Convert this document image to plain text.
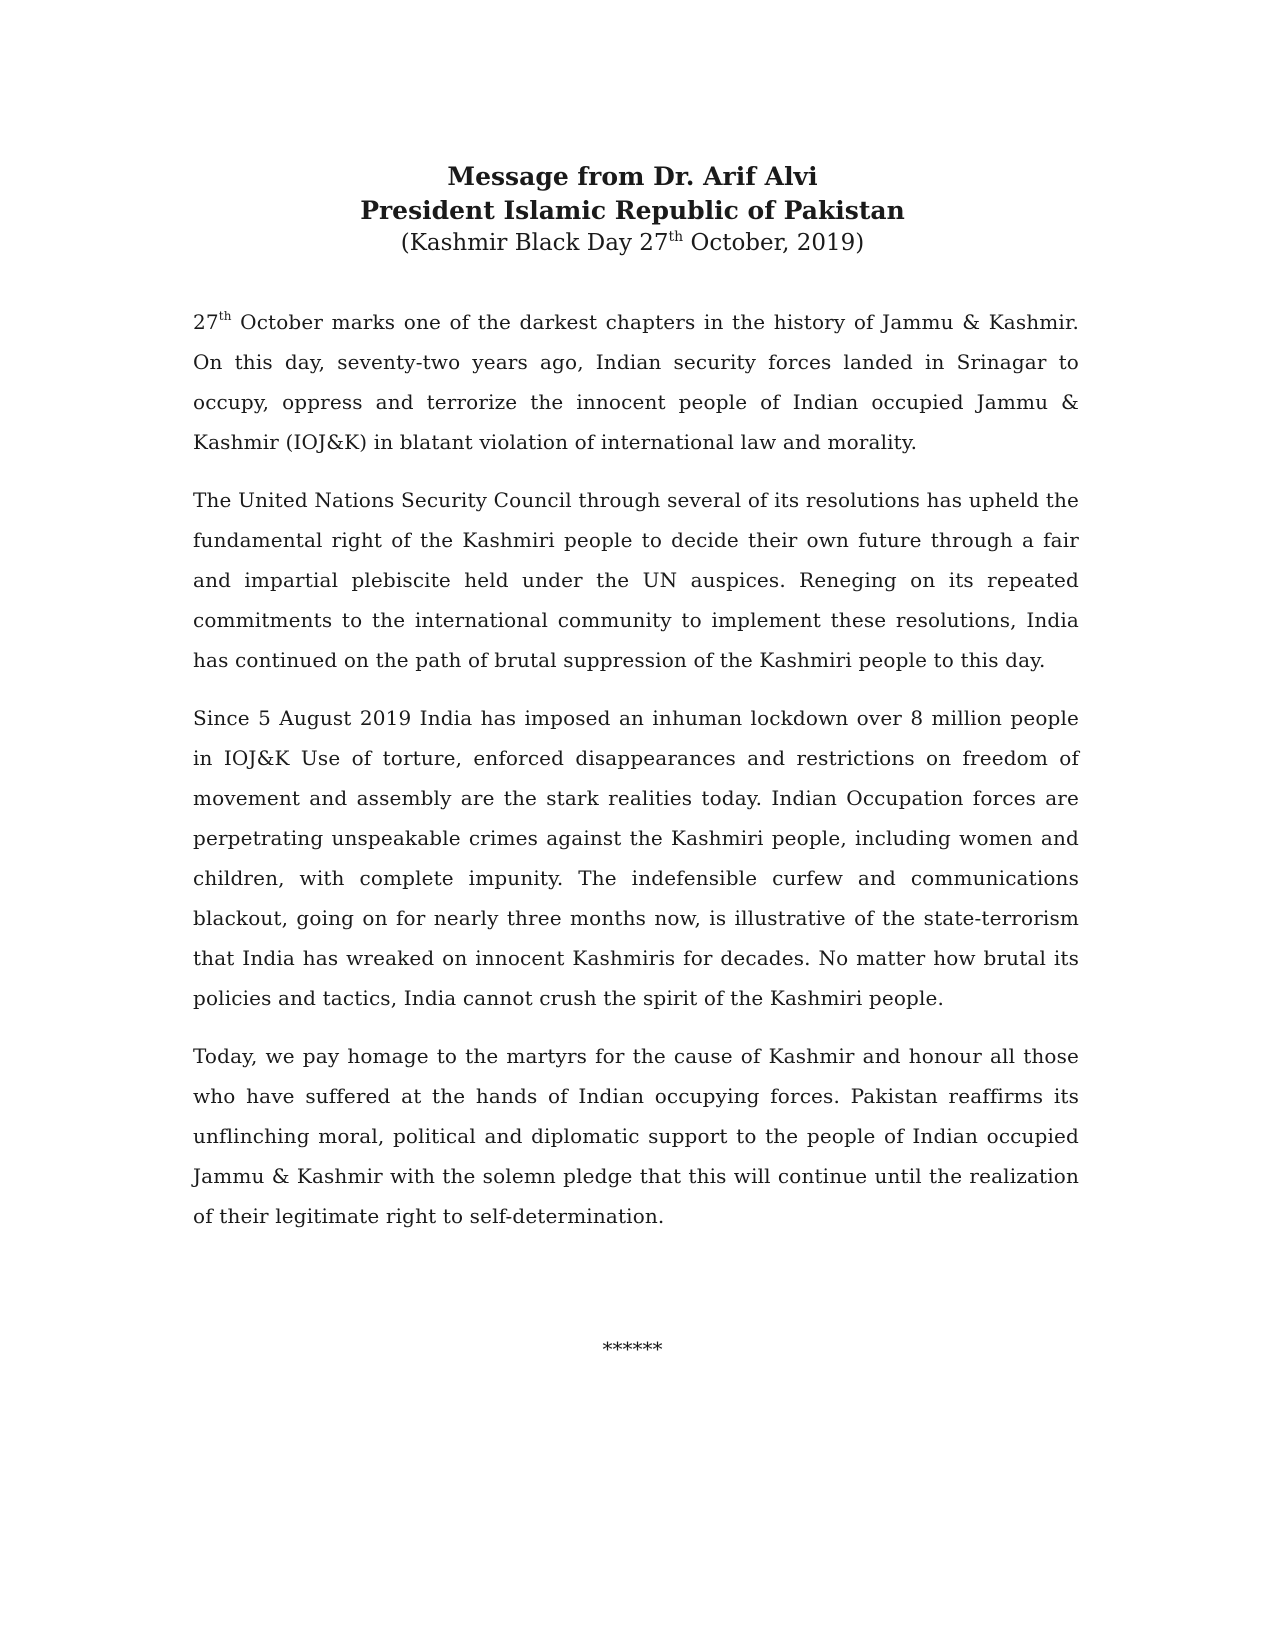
Message from Dr. Arif Alvi

President Islamic Republic of Pakistan

(Kashmir Black Day 27th October, 2019)

27th October marks one of the darkest chapters in the history of Jammu & Kashmir. On this day, seventy-two years ago, Indian security forces landed in Srinagar to occupy, oppress and terrorize the innocent people of Indian occupied Jammu & Kashmir (IOJ&K) in blatant violation of international law and morality.

The United Nations Security Council through several of its resolutions has upheld the fundamental right of the Kashmiri people to decide their own future through a fair and impartial plebiscite held under the UN auspices. Reneging on its repeated commitments to the international community to implement these resolutions, India has continued on the path of brutal suppression of the Kashmiri people to this day.

Since 5 August 2019 India has imposed an inhuman lockdown over 8 million people in IOJ&K Use of torture, enforced disappearances and restrictions on freedom of movement and assembly are the stark realities today. Indian Occupation forces are perpetrating unspeakable crimes against the Kashmiri people, including women and children, with complete impunity. The indefensible curfew and communications blackout, going on for nearly three months now, is illustrative of the state-terrorism that India has wreaked on innocent Kashmiris for decades. No matter how brutal its policies and tactics, India cannot crush the spirit of the Kashmiri people.

Today, we pay homage to the martyrs for the cause of Kashmir and honour all those who have suffered at the hands of Indian occupying forces. Pakistan reaffirms its unflinching moral, political and diplomatic support to the people of Indian occupied Jammu & Kashmir with the solemn pledge that this will continue until the realization of their legitimate right to self-determination.

******
